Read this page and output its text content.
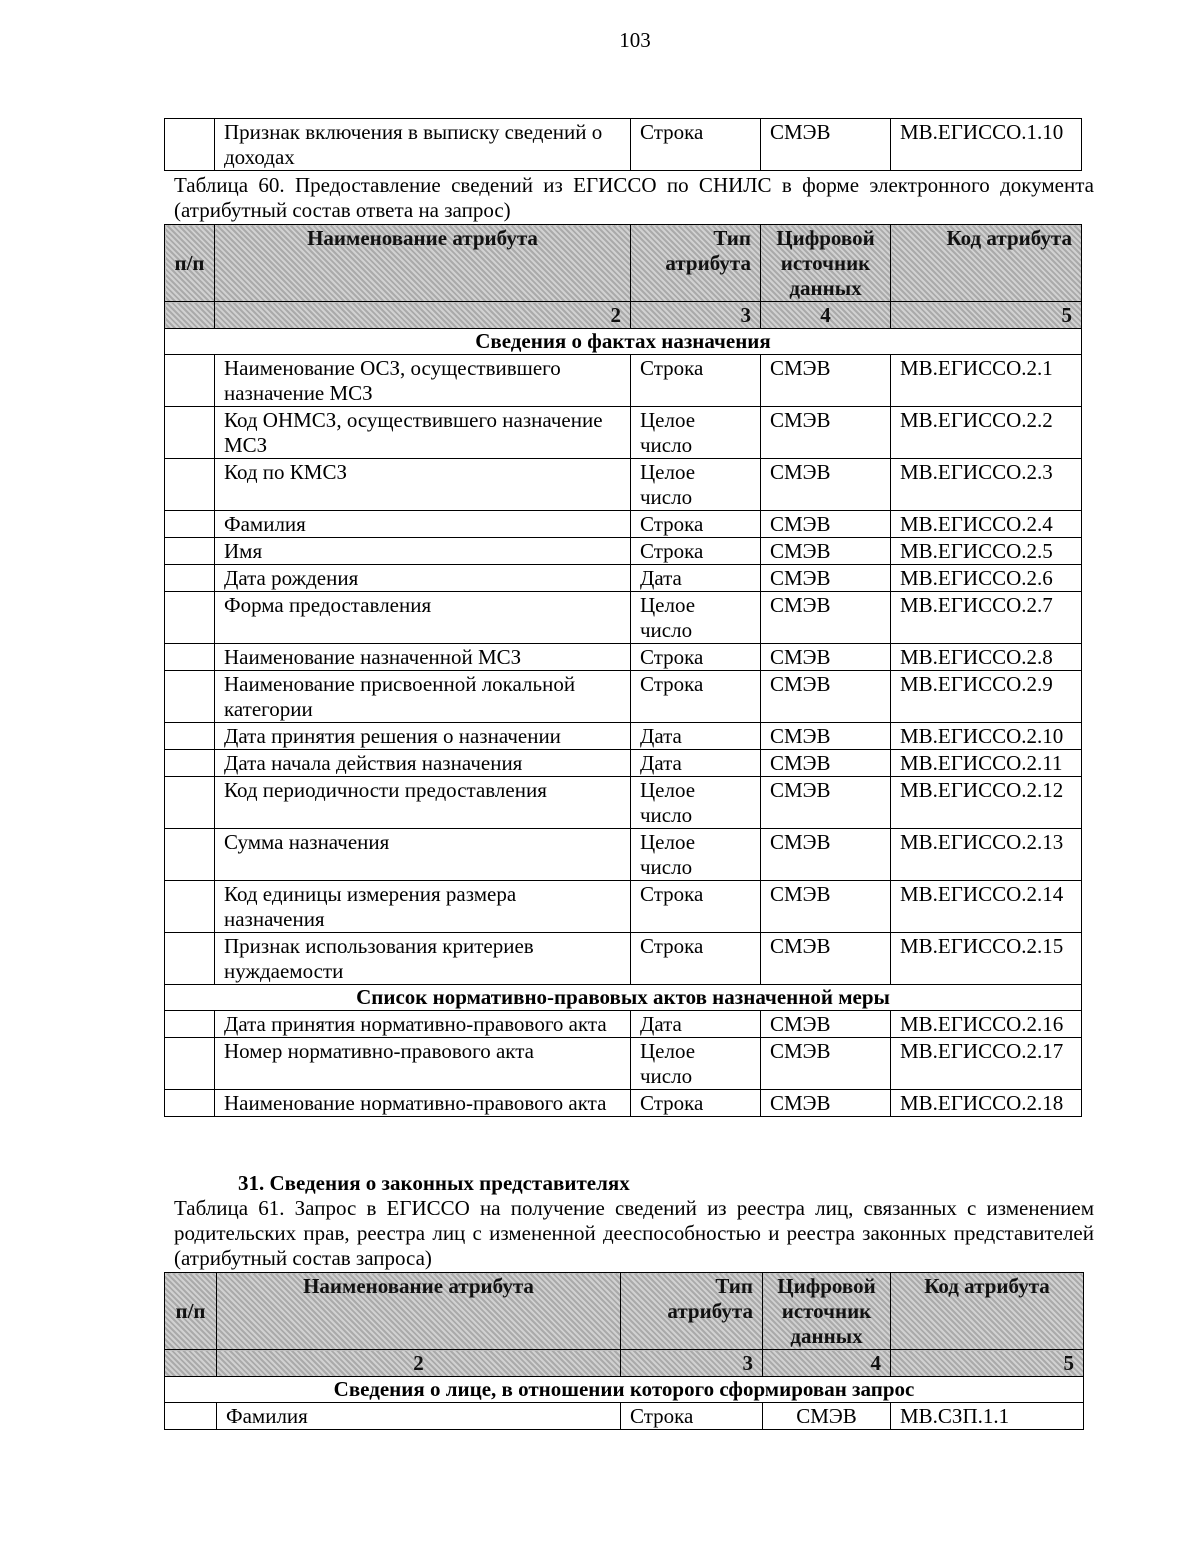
103
	Признак включения в выписку сведений о доходах	Строка	СМЭВ	МВ.ЕГИССО.1.10
Таблица 60. Предоставление сведений из ЕГИССО по СНИЛС в форме электронного документа (атрибутный состав ответа на запрос)
п/п	Наименование атрибута	Тип атрибута	Цифровой источник данных	Код атрибута
	2	3	4	5
Сведения о фактах назначения				
	Наименование ОСЗ, осуществившего назначение МСЗ	Строка	СМЭВ	МВ.ЕГИССО.2.1
	Код ОНМСЗ, осуществившего назначение МСЗ	Целое число	СМЭВ	МВ.ЕГИССО.2.2
	Код по КМСЗ	Целое число	СМЭВ	МВ.ЕГИССО.2.3
	Фамилия	Строка	СМЭВ	МВ.ЕГИССО.2.4
	Имя	Строка	СМЭВ	МВ.ЕГИССО.2.5
	Дата рождения	Дата	СМЭВ	МВ.ЕГИССО.2.6
	Форма предоставления	Целое число	СМЭВ	МВ.ЕГИССО.2.7
	Наименование назначенной МСЗ	Строка	СМЭВ	МВ.ЕГИССО.2.8
	Наименование присвоенной локальной категории	Строка	СМЭВ	МВ.ЕГИССО.2.9
	Дата принятия решения о назначении	Дата	СМЭВ	МВ.ЕГИССО.2.10
	Дата начала действия назначения	Дата	СМЭВ	МВ.ЕГИССО.2.11
	Код периодичности предоставления	Целое число	СМЭВ	МВ.ЕГИССО.2.12
	Сумма назначения	Целое число	СМЭВ	МВ.ЕГИССО.2.13
	Код единицы измерения размера назначения	Строка	СМЭВ	МВ.ЕГИССО.2.14
	Признак использования критериев нуждаемости	Строка	СМЭВ	МВ.ЕГИССО.2.15
Список нормативно-правовых актов назначенной меры				
	Дата принятия нормативно-правового акта	Дата	СМЭВ	МВ.ЕГИССО.2.16
	Номер нормативно-правового акта	Целое число	СМЭВ	МВ.ЕГИССО.2.17
	Наименование нормативно-правового акта	Строка	СМЭВ	МВ.ЕГИССО.2.18
31. Сведения о законных представителях
Таблица 61. Запрос в ЕГИССО на получение сведений из реестра лиц, связанных с изменением родительских прав, реестра лиц с измененной дееспособностью и реестра законных представителей (атрибутный состав запроса)
п/п	Наименование атрибута	Тип атрибута	Цифровой источник данных	Код атрибута
	2	3	4	5
Сведения о лице, в отношении которого сформирован запрос				
	Фамилия	Строка	СМЭВ	МВ.СЗП.1.1
